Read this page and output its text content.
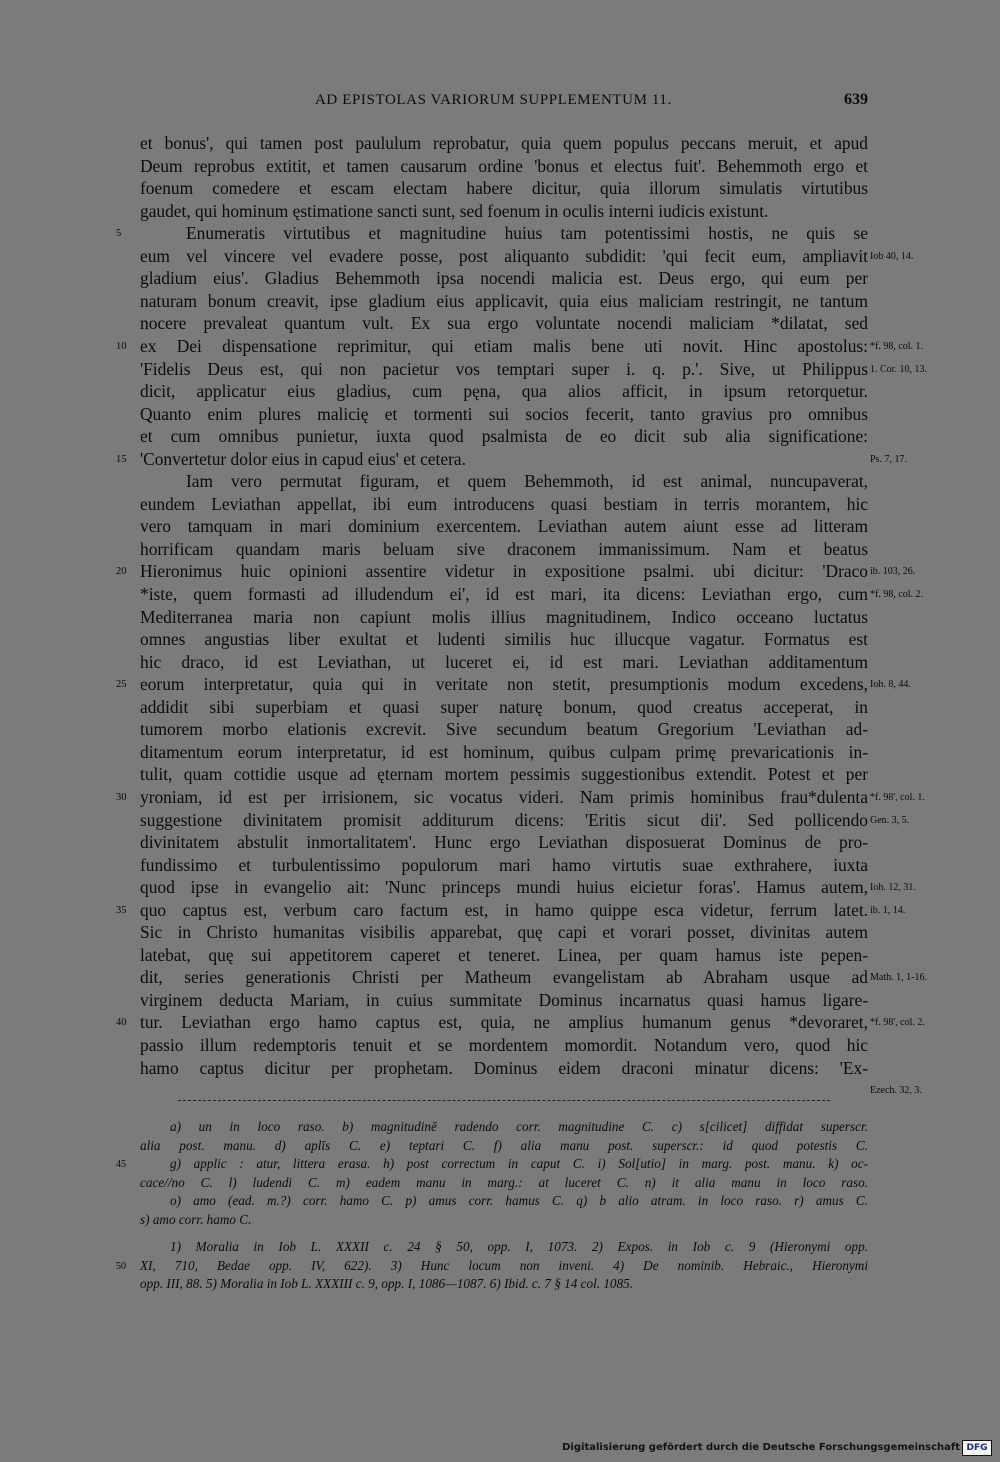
AD EPISTOLAS VARIORUM SUPPLEMENTUM 11.	639
et bonus', qui tamen post paululum reprobatur, quia quem populus peccans meruit, et apud
Deum reprobus extitit, et tamen causarum ordine 'bonus et electus fuit'. Behemmoth ergo et
foenum comedere et escam electam habere dicitur, quia illorum simulatis virtutibus
gaudet, qui hominum ęstimatione sancti sunt, sed foenum in oculis interni iudicis existunt.
Enumeratis virtutibus et magnitudine huius tam potentissimi hostis, ne quis se
eum vel vincere vel evadere posse, post aliquanto subdidit: 'qui fecit eum, ampliavit
gladium eius'. Gladius Behemmoth ipsa nocendi malicia est. Deus ergo, qui eum per
naturam bonum creavit, ipse gladium eius applicavit, quia eius maliciam restringit, ne tantum
nocere prevaleat quantum vult. Ex sua ergo voluntate nocendi maliciam *dilatat, sed
ex Dei dispensatione reprimitur, qui etiam malis bene uti novit. Hinc apostolus:
'Fidelis Deus est, qui non pacietur vos temptari super i. q. p.'. Sive, ut Philippus
dicit, applicatur eius gladius, cum pęna, qua alios afficit, in ipsum retorquetur.
Quanto enim plures malicię et tormenti sui socios fecerit, tanto gravius pro omnibus
et cum omnibus punietur, iuxta quod psalmista de eo dicit sub alia significatione:
'Convertetur dolor eius in capud eius' et cetera.
Iam vero permutat figuram, et quem Behemmoth, id est animal, nuncupaverat,
eundem Leviathan appellat, ibi eum introducens quasi bestiam in terris morantem, hic
vero tamquam in mari dominium exercentem. Leviathan autem aiunt esse ad litteram
horrificam quandam maris beluam sive draconem immanissimum. Nam et beatus
Hieronimus huic opinioni assentire videtur in expositione psalmi. ubi dicitur: 'Draco
*iste, quem formasti ad illudendum ei', id est mari, ita dicens: Leviathan ergo, cum
Mediterranea maria non capiunt molis illius magnitudinem, Indico occeano luctatus
omnes angustias liber exultat et ludenti similis huc illucque vagatur. Formatus est
hic draco, id est Leviathan, ut luceret ei, id est mari. Leviathan additamentum
eorum interpretatur, quia qui in veritate non stetit, presumptionis modum excedens,
addidit sibi superbiam et quasi super naturę bonum, quod creatus acceperat, in
tumorem morbo elationis excrevit. Sive secundum beatum Gregorium 'Leviathan ad-
ditamentum eorum interpretatur, id est hominum, quibus culpam primę prevaricationis in-
tulit, quam cottidie usque ad ęternam mortem pessimis suggestionibus extendit. Potest et per
yroniam, id est per irrisionem, sic vocatus videri. Nam primis hominibus frau*dulenta
suggestione divinitatem promisit additurum dicens: 'Eritis sicut dii'. Sed pollicendo
divinitatem abstulit inmortalitatem'. Hunc ergo Leviathan disposuerat Dominus de pro-
fundissimo et turbulentissimo populorum mari hamo virtutis suae exthrahere, iuxta
quod ipse in evangelio ait: 'Nunc princeps mundi huius eicietur foras'. Hamus autem,
quo captus est, verbum caro factum est, in hamo quippe esca videtur, ferrum latet.
Sic in Christo humanitas visibilis apparebat, quę capi et vorari posset, divinitas autem
latebat, quę sui appetitorem caperet et teneret. Linea, per quam hamus iste pepen-
dit, series generationis Christi per Matheum evangelistam ab Abraham usque ad
virginem deducta Mariam, in cuius summitate Dominus incarnatus quasi hamus ligare-
tur. Leviathan ergo hamo captus est, quia, ne amplius humanum genus *devoraret,
passio illum redemptoris tenuit et se mordentem momordit. Notandum vero, quod hic
hamo captus dicitur per prophetam. Dominus eidem draconi minatur dicens: 'Ex-
5
10
15
20
25
30
35
40
Iob 40, 14.
*f. 98, col. 1.
1. Cor. 10, 13.
Ps. 7, 17.
ib. 103, 26.
*f. 98, col. 2.
Ioh. 8, 44.
*f. 98', col. 1.
Gen. 3, 5.
Ioh. 12, 31.
ib. 1, 14.
Math. 1, 1-16.
*f. 98', col. 2.
Ezech. 32, 3.
a) un in loco raso. b) magnitudinē radendo corr. magnitudine C. c) s[cilicet] diffidat superscr.
alia post. manu. d) aplīs C. e) teptari C. f) alia manu post. superscr.: id quod potestis C.
g) applic : atur, littera erasa. h) post correctum in caput C. i) Sol[utio] in marg. post. manu. k) oc-
cace//no C. l) ludendi C. m) eadem manu in marg.: at luceret C. n) it alia manu in loco raso.
o) amo (ead. m.?) corr. hamo C. p) amus corr. hamus C. q) b alio atram. in loco raso. r) amus C.
s) amo corr. hamo C.
45
1) Moralia in Iob L. XXXII c. 24 § 50, opp. I, 1073. 2) Expos. in Iob c. 9 (Hieronymi opp.
XI, 710, Bedae opp. IV, 622). 3) Hunc locum non inveni. 4) De nominib. Hebraic., Hieronymi
opp. III, 88. 5) Moralia in Iob L. XXXIII c. 9, opp. I, 1086—1087. 6) Ibid. c. 7 § 14 col. 1085.
50
Digitalisierung gefördert durch die Deutsche Forschungsgemeinschaft DFG
